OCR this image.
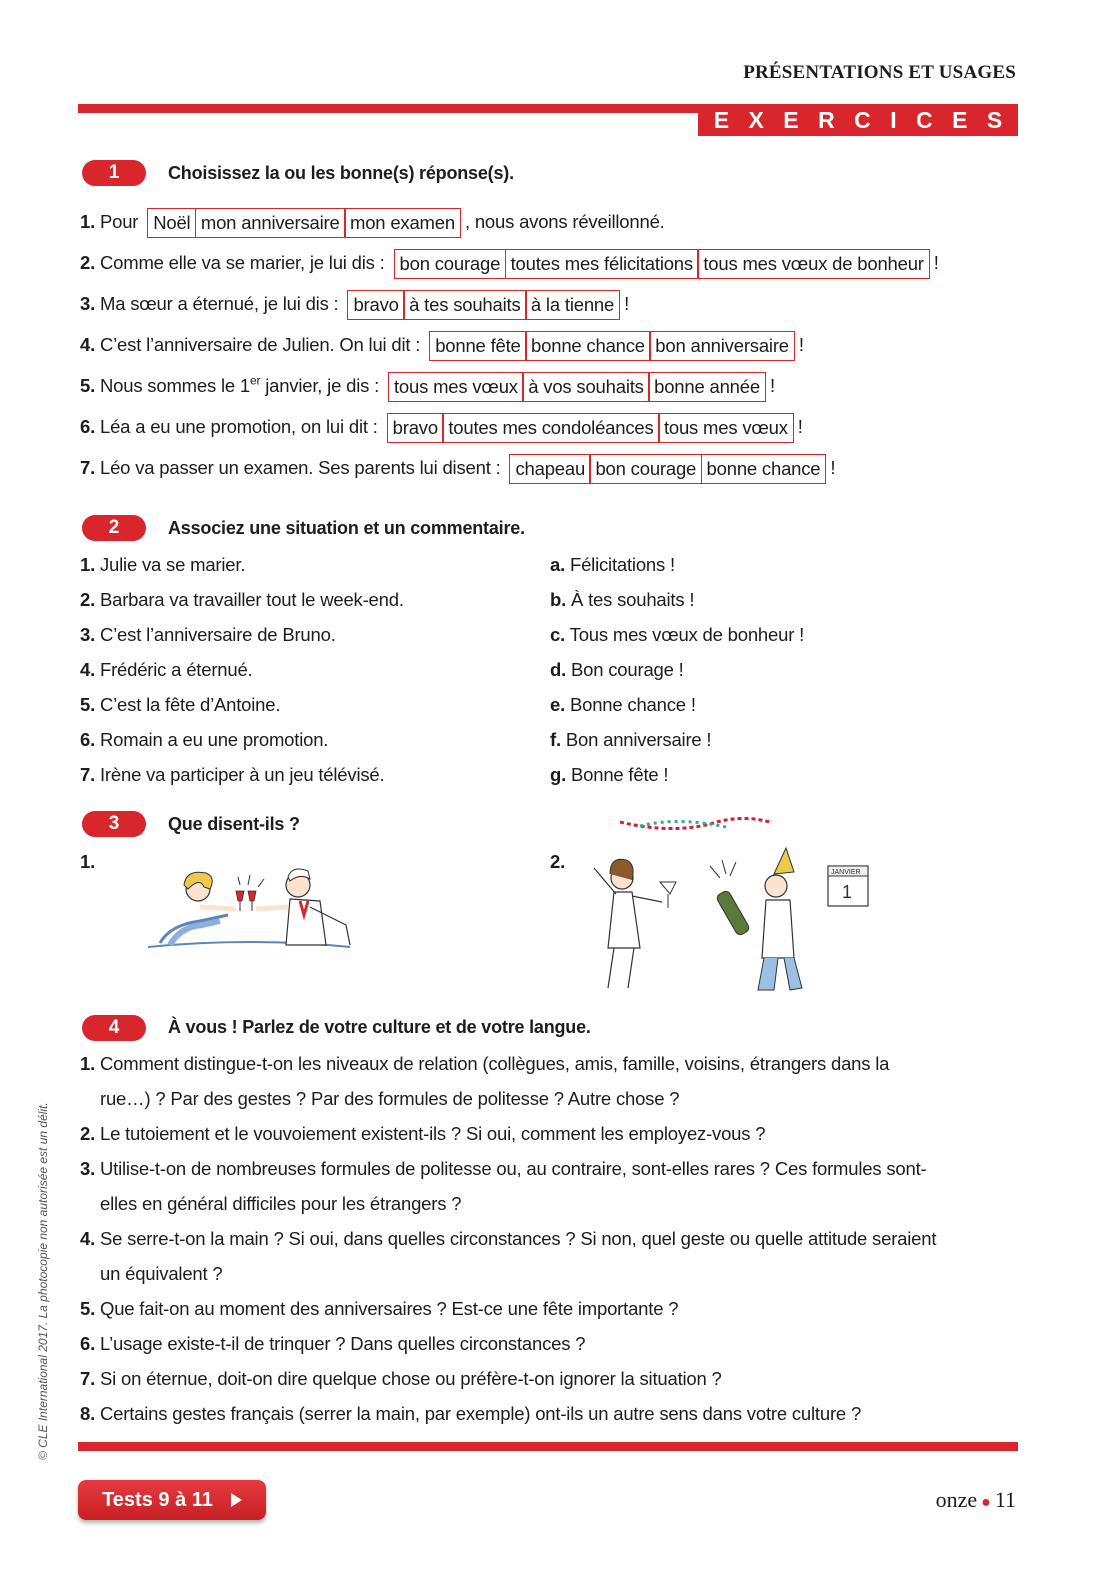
PRÉSENTATIONS ET USAGES
E X E R C I C E S
1	Choisissez la ou les bonne(s) réponse(s).
1. Pour Noël mon anniversaire mon examen , nous avons réveillonné.
2. Comme elle va se marier, je lui dis : bon courage toutes mes félicitations tous mes vœux de bonheur !
3. Ma sœur a éternué, je lui dis : bravo à tes souhaits à la tienne !
4. C’est l’anniversaire de Julien. On lui dit : bonne fête bonne chance bon anniversaire !
5. Nous sommes le 1er janvier, je dis : tous mes vœux à vos souhaits bonne année !
6. Léa a eu une promotion, on lui dit : bravo toutes mes condoléances tous mes vœux !
7. Léo va passer un examen. Ses parents lui disent : chapeau bon courage bonne chance !
2	Associez une situation et un commentaire.
1. Julie va se marier.
2. Barbara va travailler tout le week-end.
3. C’est l’anniversaire de Bruno.
4. Frédéric a éternué.
5. C’est la fête d’Antoine.
6. Romain a eu une promotion.
7. Irène va participer à un jeu télévisé.
a. Félicitations !
b. À tes souhaits !
c. Tous mes vœux de bonheur !
d. Bon courage !
e. Bonne chance !
f. Bon anniversaire !
g. Bonne fête !
3	Que disent-ils ?
1.	2.
JANVIER
1
4	À vous ! Parlez de votre culture et de votre langue.
1. Comment distingue-t-on les niveaux de relation (collègues, amis, famille, voisins, étrangers dans la
rue…) ? Par des gestes ? Par des formules de politesse ? Autre chose ?
2. Le tutoiement et le vouvoiement existent-ils ? Si oui, comment les employez-vous ?
3. Utilise-t-on de nombreuses formules de politesse ou, au contraire, sont-elles rares ? Ces formules sont-
elles en général difficiles pour les étrangers ?
4. Se serre-t-on la main ? Si oui, dans quelles circonstances ? Si non, quel geste ou quelle attitude seraient
un équivalent ?
5. Que fait-on au moment des anniversaires ? Est-ce une fête importante ?
6. L’usage existe-t-il de trinquer ? Dans quelles circonstances ?
7. Si on éternue, doit-on dire quelque chose ou préfère-t-on ignorer la situation ?
8. Certains gestes français (serrer la main, par exemple) ont-ils un autre sens dans votre culture ?
Tests 9 à 11	onze ● 11
© CLE International 2017. La photocopie non autorisée est un délit.
